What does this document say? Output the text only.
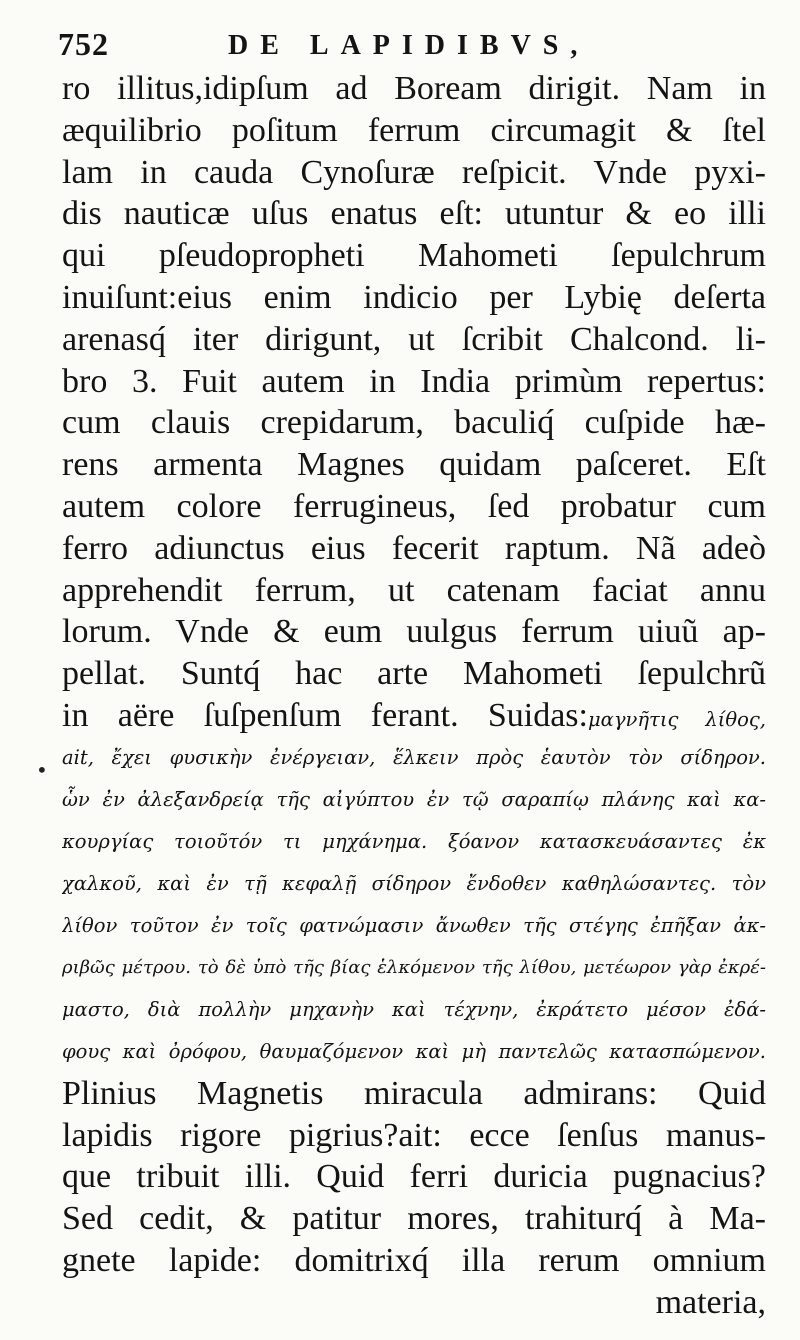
752	DE LAPIDIBVS,
•
ro illitus,idipſum ad Boream dirigit. Nam in
æquilibrio poſitum ferrum circumagit & ſtel
lam in cauda Cynoſuræ reſpicit. Vnde pyxi-
dis nauticæ uſus enatus eſt: utuntur & eo illi
qui pſeudopropheti Mahometi ſepulchrum
inuiſunt:eius enim indicio per Lybię deſerta
arenasq́ iter dirigunt, ut ſcribit Chalcond. li-
bro 3. Fuit autem in India primùm repertus:
cum clauis crepidarum, baculiq́ cuſpide hæ-
rens armenta Magnes quidam paſceret. Eſt
autem colore ferrugineus, ſed probatur cum
ferro adiunctus eius fecerit raptum. Nã adeò
apprehendit ferrum, ut catenam faciat annu
lorum. Vnde & eum uulgus ferrum uiuũ ap-
pellat. Suntq́ hac arte Mahometi ſepulchrũ
in aëre ſuſpenſum ferant. Suidas:μαγνῆτις λίθος,
ait, ἔχει φυσικὴν ἐνέργειαν, ἕλκειν πρὸς ἑαυτὸν τὸν σίδηρον.
ὧν ἐν ἀλεξανδρείᾳ τῆς αἰγύπτου ἐν τῷ σαραπίῳ πλάνης καὶ κα-
κουργίας τοιοῦτόν τι μηχάνημα. ξόανον κατασκευάσαντες ἐκ
χαλκοῦ, καὶ ἐν τῇ κεφαλῇ σίδηρον ἔνδοθεν καθηλώσαντες. τὸν
λίθον τοῦτον ἐν τοῖς φατνώμασιν ἄνωθεν τῆς στέγης ἐπῆξαν ἀκ-
ριβῶς μέτρου. τὸ δὲ ὑπὸ τῆς βίας ἑλκόμενον τῆς λίθου, μετέωρον γὰρ ἐκρέ-
μαστο, διὰ πολλὴν μηχανὴν καὶ τέχνην, ἐκράτετο μέσον ἐδά-
φους καὶ ὀρόφου, θαυμαζόμενον καὶ μὴ παντελῶς κατασπώμενον.
Plinius Magnetis miracula admirans: Quid
lapidis rigore pigrius?ait: ecce ſenſus manus-
que tribuit illi. Quid ferri duricia pugnacius?
Sed cedit, & patitur mores, trahiturq́ à Ma-
gnete lapide: domitrixq́ illa rerum omnium
materia,
